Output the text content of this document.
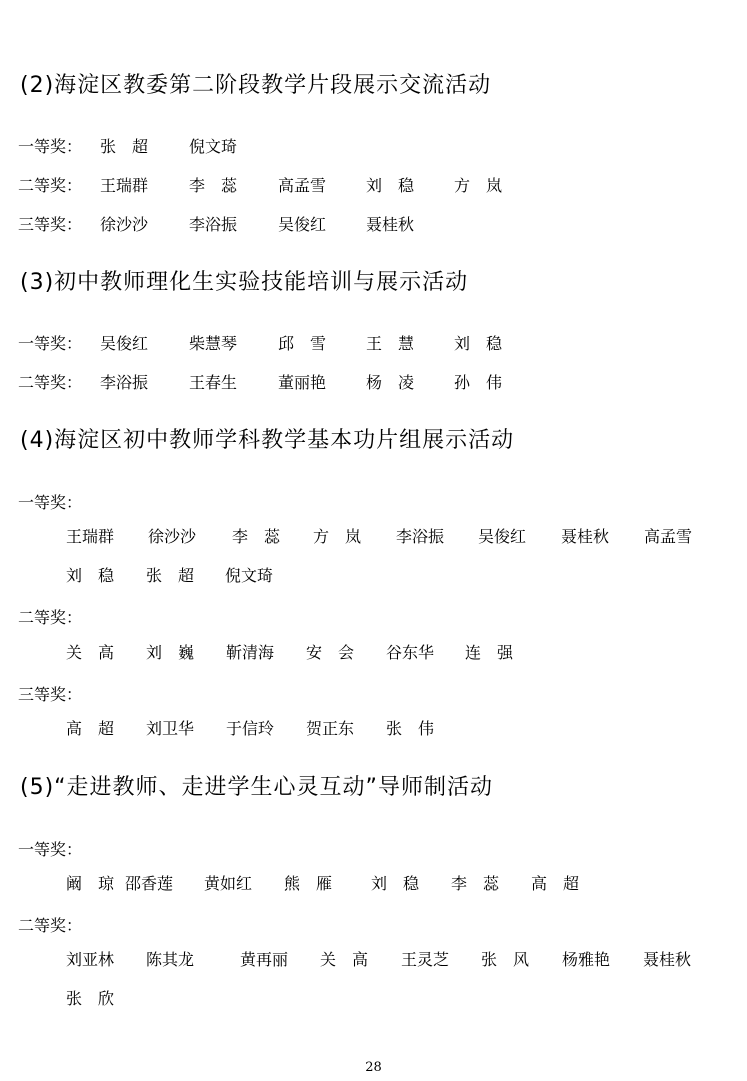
(2)海淀区教委第二阶段教学片段展示交流活动
一等奖： 张　超	倪文琦
二等奖： 王瑞群	李　蕊	高孟雪 刘　稳 方　岚
三等奖： 徐沙沙	李浴振	吴俊红 聂桂秋
(3)初中教师理化生实验技能培训与展示活动
一等奖： 吴俊红	柴慧琴	邱　雪 王　慧 刘　稳
二等奖： 李浴振	王春生	董丽艳 杨　凌 孙　伟
(4)海淀区初中教师学科教学基本功片组展示活动
一等奖：
王瑞群 徐沙沙 李　蕊 方　岚 李浴振 吴俊红 聂桂秋 高孟雪
刘　稳 张　超 倪文琦
二等奖：
关　高 刘　巍 靳清海 安　会 谷东华 连　强
三等奖：
高　超 刘卫华 于信玲 贺正东 张　伟
(5)“走进教师、走进学生心灵互动”导师制活动
一等奖：
阚　琼 邵香莲 黄如红 熊　雁 刘　稳 李　蕊 高　超
二等奖：
刘亚林 陈其龙	黄再丽 关　高 王灵芝 张　风 杨雅艳 聂桂秋
张　欣
28
